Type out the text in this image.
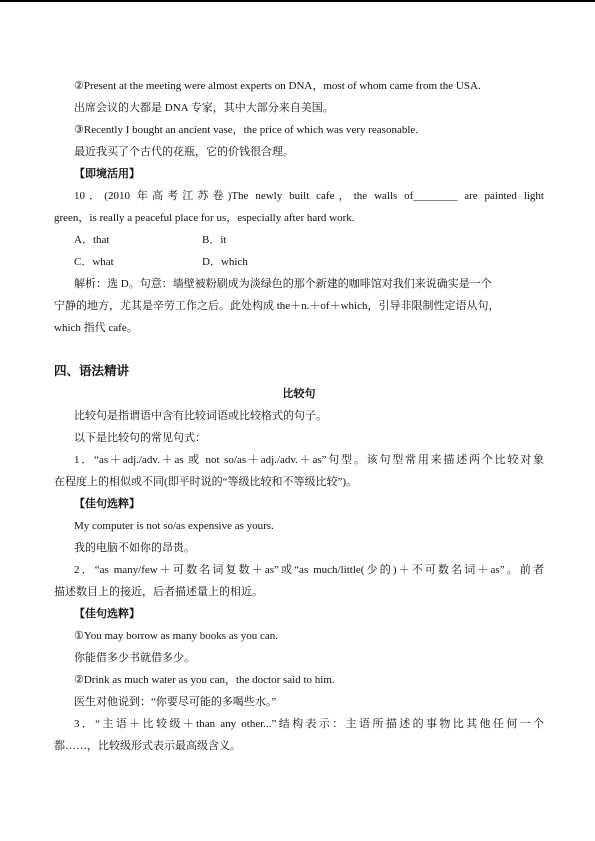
②Present at the meeting were almost experts on DNA，most of whom came from the USA.
出席会议的大都是 DNA 专家，其中大部分来自美国。
③Recently I bought an ancient vase，the price of which was very reasonable.
最近我买了个古代的花瓶，它的价钱很合理。
【即境活用】
10．(2010 年高考江苏卷)The newly built cafe，the walls of________ are painted light
green，is really a peaceful place for us，especially after hard work.
A．that	B．it
C．what	D．which
解析：选 D。句意：墙壁被粉刷成为淡绿色的那个新建的咖啡馆对我们来说确实是一个
宁静的地方，尤其是辛劳工作之后。此处构成 the＋n.＋of＋which，引导非限制性定语从句，
which 指代 cafe。
四、语法精讲
比较句
比较句是指谓语中含有比较词语或比较格式的句子。
以下是比较句的常见句式：
1．“as＋adj./adv.＋as 或 not so/as＋adj./adv.＋as”句型。该句型常用来描述两个比较对象
在程度上的相似或不同(即平时说的“等级比较和不等级比较”)。
【佳句选粹】
My computer is not so/as expensive as yours.
我的电脑不如你的昂贵。
2．“as many/few＋可数名词复数＋as”或“as much/little(少的)＋不可数名词＋as”。前者
描述数目上的接近，后者描述量上的相近。
【佳句选粹】
①You may borrow as many books as you can.
你能借多少书就借多少。
②Drink as much water as you can，the doctor said to him.
医生对他说到：“你要尽可能的多喝些水。”
3．“主语＋比较级＋than any other...”结构表示：主语所描述的事物比其他任何一个
都……，比较级形式表示最高级含义。
